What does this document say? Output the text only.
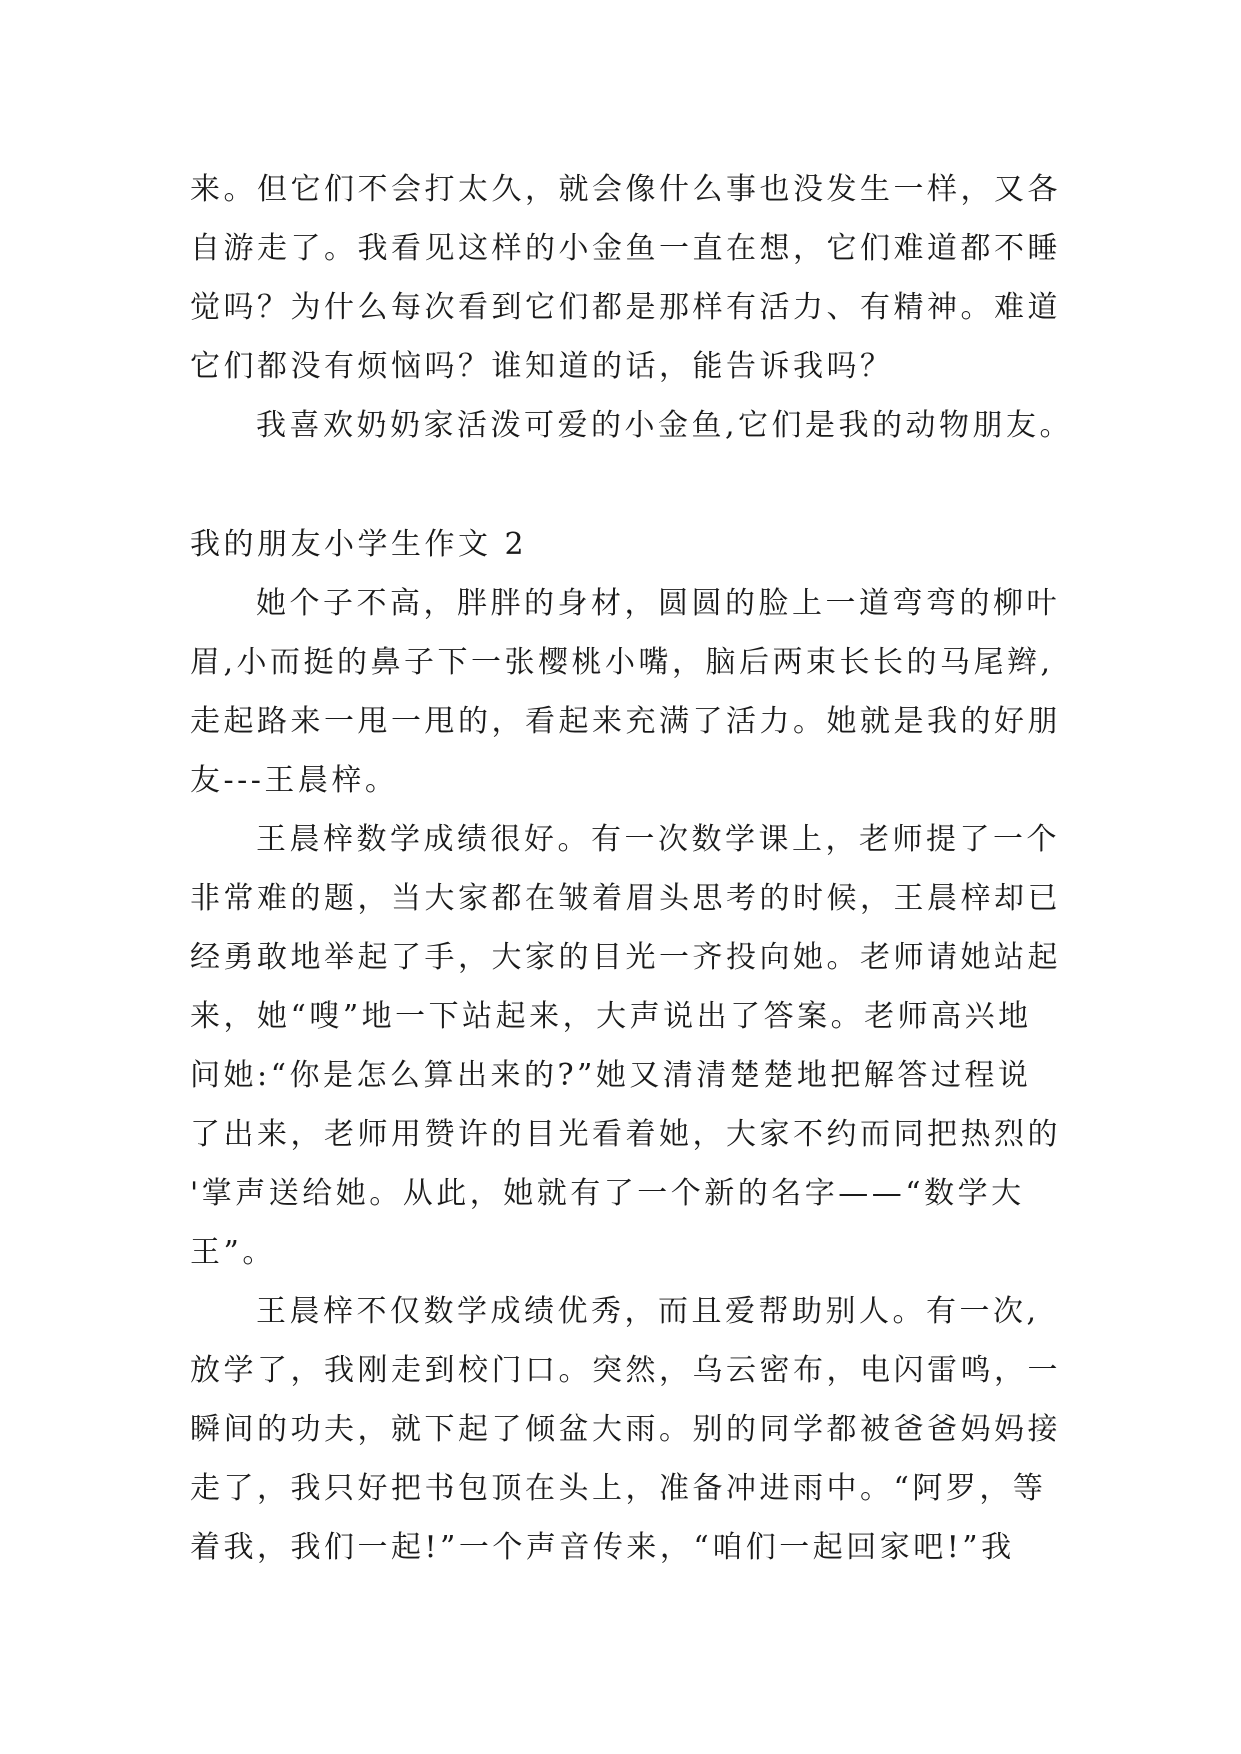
来。但它们不会打太久，就会像什么事也没发生一样，又各
自游走了。我看见这样的小金鱼一直在想，它们难道都不睡
觉吗？为什么每次看到它们都是那样有活力、有精神。难道
它们都没有烦恼吗？谁知道的话，能告诉我吗？
我喜欢奶奶家活泼可爱的小金鱼,它们是我的动物朋友。
我的朋友小学生作文 2
她个子不高，胖胖的身材，圆圆的脸上一道弯弯的柳叶
眉,小而挺的鼻子下一张樱桃小嘴，脑后两束长长的马尾辫,
走起路来一甩一甩的，看起来充满了活力。她就是我的好朋
友---王晨梓。
王晨梓数学成绩很好。有一次数学课上，老师提了一个
非常难的题，当大家都在皱着眉头思考的时候，王晨梓却已
经勇敢地举起了手，大家的目光一齐投向她。老师请她站起
来，她“嗖”地一下站起来，大声说出了答案。老师高兴地
问她:“你是怎么算出来的?”她又清清楚楚地把解答过程说
了出来，老师用赞许的目光看着她，大家不约而同把热烈的
'掌声送给她。从此，她就有了一个新的名字——“数学大
王”。
王晨梓不仅数学成绩优秀，而且爱帮助别人。有一次,
放学了，我刚走到校门口。突然，乌云密布，电闪雷鸣，一
瞬间的功夫，就下起了倾盆大雨。别的同学都被爸爸妈妈接
走了，我只好把书包顶在头上，准备冲进雨中。“阿罗，等
着我，我们一起!”一个声音传来，“咱们一起回家吧!”我
